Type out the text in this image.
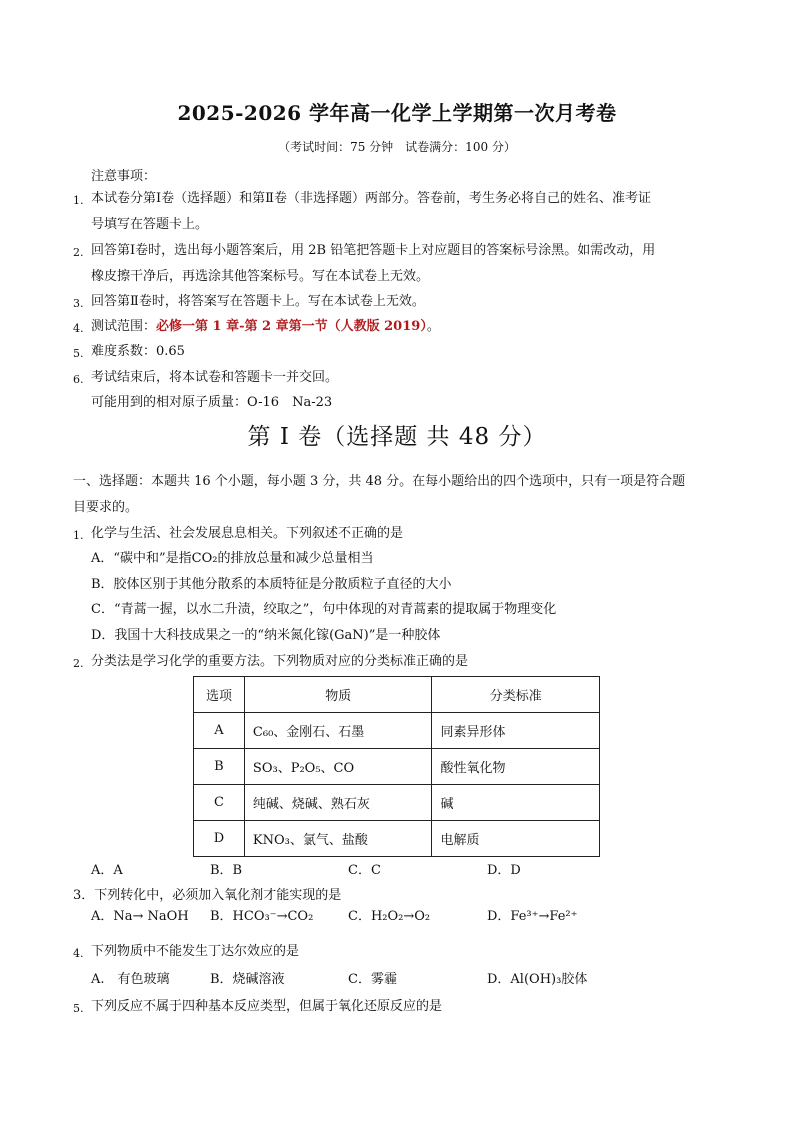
2025-2026 学年高一化学上学期第一次月考卷
（考试时间：75 分钟　试卷满分：100 分）
注意事项：
1. 本试卷分第Ⅰ卷（选择题）和第Ⅱ卷（非选择题）两部分。答卷前，考生务必将自己的姓名、准考证
号填写在答题卡上。
2. 回答第Ⅰ卷时，选出每小题答案后，用 2B 铅笔把答题卡上对应题目的答案标号涂黑。如需改动，用
橡皮擦干净后，再选涂其他答案标号。写在本试卷上无效。
3. 回答第Ⅱ卷时，将答案写在答题卡上。写在本试卷上无效。
4. 测试范围：必修一第 1 章-第 2 章第一节（人教版 2019）。
5. 难度系数：0.65
6. 考试结束后，将本试卷和答题卡一并交回。
可能用到的相对原子质量：O-16　Na-23
第 I 卷（选择题 共 48 分）
一、选择题：本题共 16 个小题，每小题 3 分，共 48 分。在每小题给出的四个选项中，只有一项是符合题
目要求的。
1. 化学与生活、社会发展息息相关。下列叙述不正确的是
A．“碳中和”是指CO₂的排放总量和减少总量相当
B．胶体区别于其他分散系的本质特征是分散质粒子直径的大小
C．“青蒿一握，以水二升渍，绞取之”，句中体现的对青蒿素的提取属于物理变化
D．我国十大科技成果之一的“纳米氮化镓(GaN)”是一种胶体
2. 分类法是学习化学的重要方法。下列物质对应的分类标准正确的是
选项	物质	分类标准
A	C₆₀、金刚石、石墨	同素异形体
B	SO₃、P₂O₅、CO	酸性氧化物
C	纯碱、烧碱、熟石灰	碱
D	KNO₃、氯气、盐酸	电解质
A．A	B．B	C．C	D．D
3．下列转化中，必须加入氧化剂才能实现的是
A．Na→ NaOH B．HCO₃⁻→CO₂	C．H₂O₂→O₂	D．Fe³⁺→Fe²⁺
4. 下列物质中不能发生丁达尔效应的是
A.　有色玻璃	B．烧碱溶液	C．雾霾	D．Al(OH)₃胶体
5. 下列反应不属于四种基本反应类型，但属于氧化还原反应的是
